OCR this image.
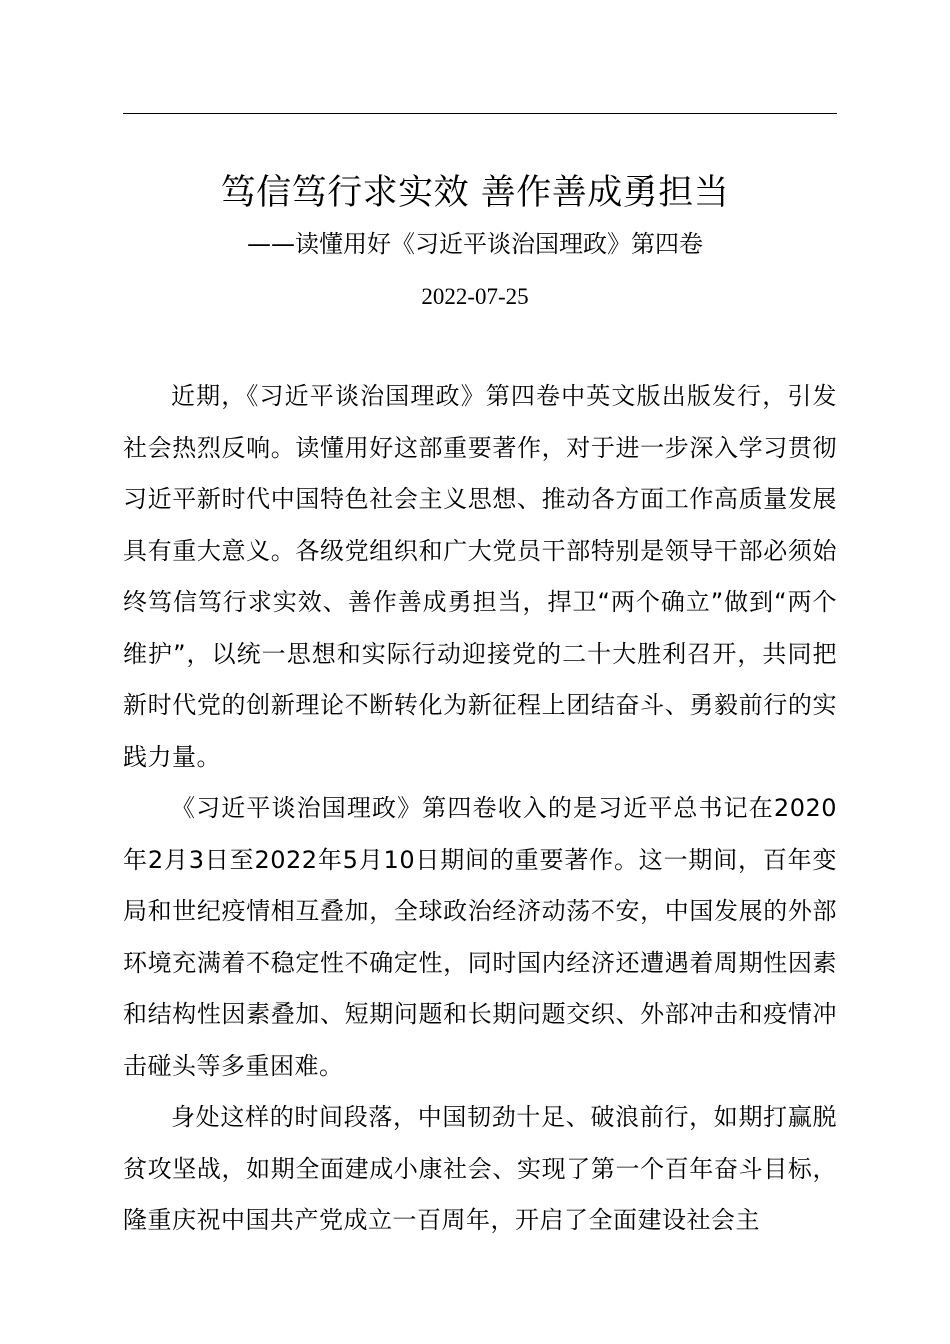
笃信笃行求实效 善作善成勇担当
——读懂用好《习近平谈治国理政》第四卷
2022-07-25

近期，《习近平谈治国理政》第四卷中英文版出版发行，引发社会热烈反响。读懂用好这部重要著作，对于进一步深入学习贯彻习近平新时代中国特色社会主义思想、推动各方面工作高质量发展具有重大意义。各级党组织和广大党员干部特别是领导干部必须始终笃信笃行求实效、善作善成勇担当，捍卫“两个确立”做到“两个维护”，以统一思想和实际行动迎接党的二十大胜利召开，共同把新时代党的创新理论不断转化为新征程上团结奋斗、勇毅前行的实践力量。

《习近平谈治国理政》第四卷收入的是习近平总书记在2020年2月3日至2022年5月10日期间的重要著作。这一期间，百年变局和世纪疫情相互叠加，全球政治经济动荡不安，中国发展的外部环境充满着不稳定性不确定性，同时国内经济还遭遇着周期性因素和结构性因素叠加、短期问题和长期问题交织、外部冲击和疫情冲击碰头等多重困难。

身处这样的时间段落，中国韧劲十足、破浪前行，如期打赢脱贫攻坚战，如期全面建成小康社会、实现了第一个百年奋斗目标，隆重庆祝中国共产党成立一百周年，开启了全面建设社会主
